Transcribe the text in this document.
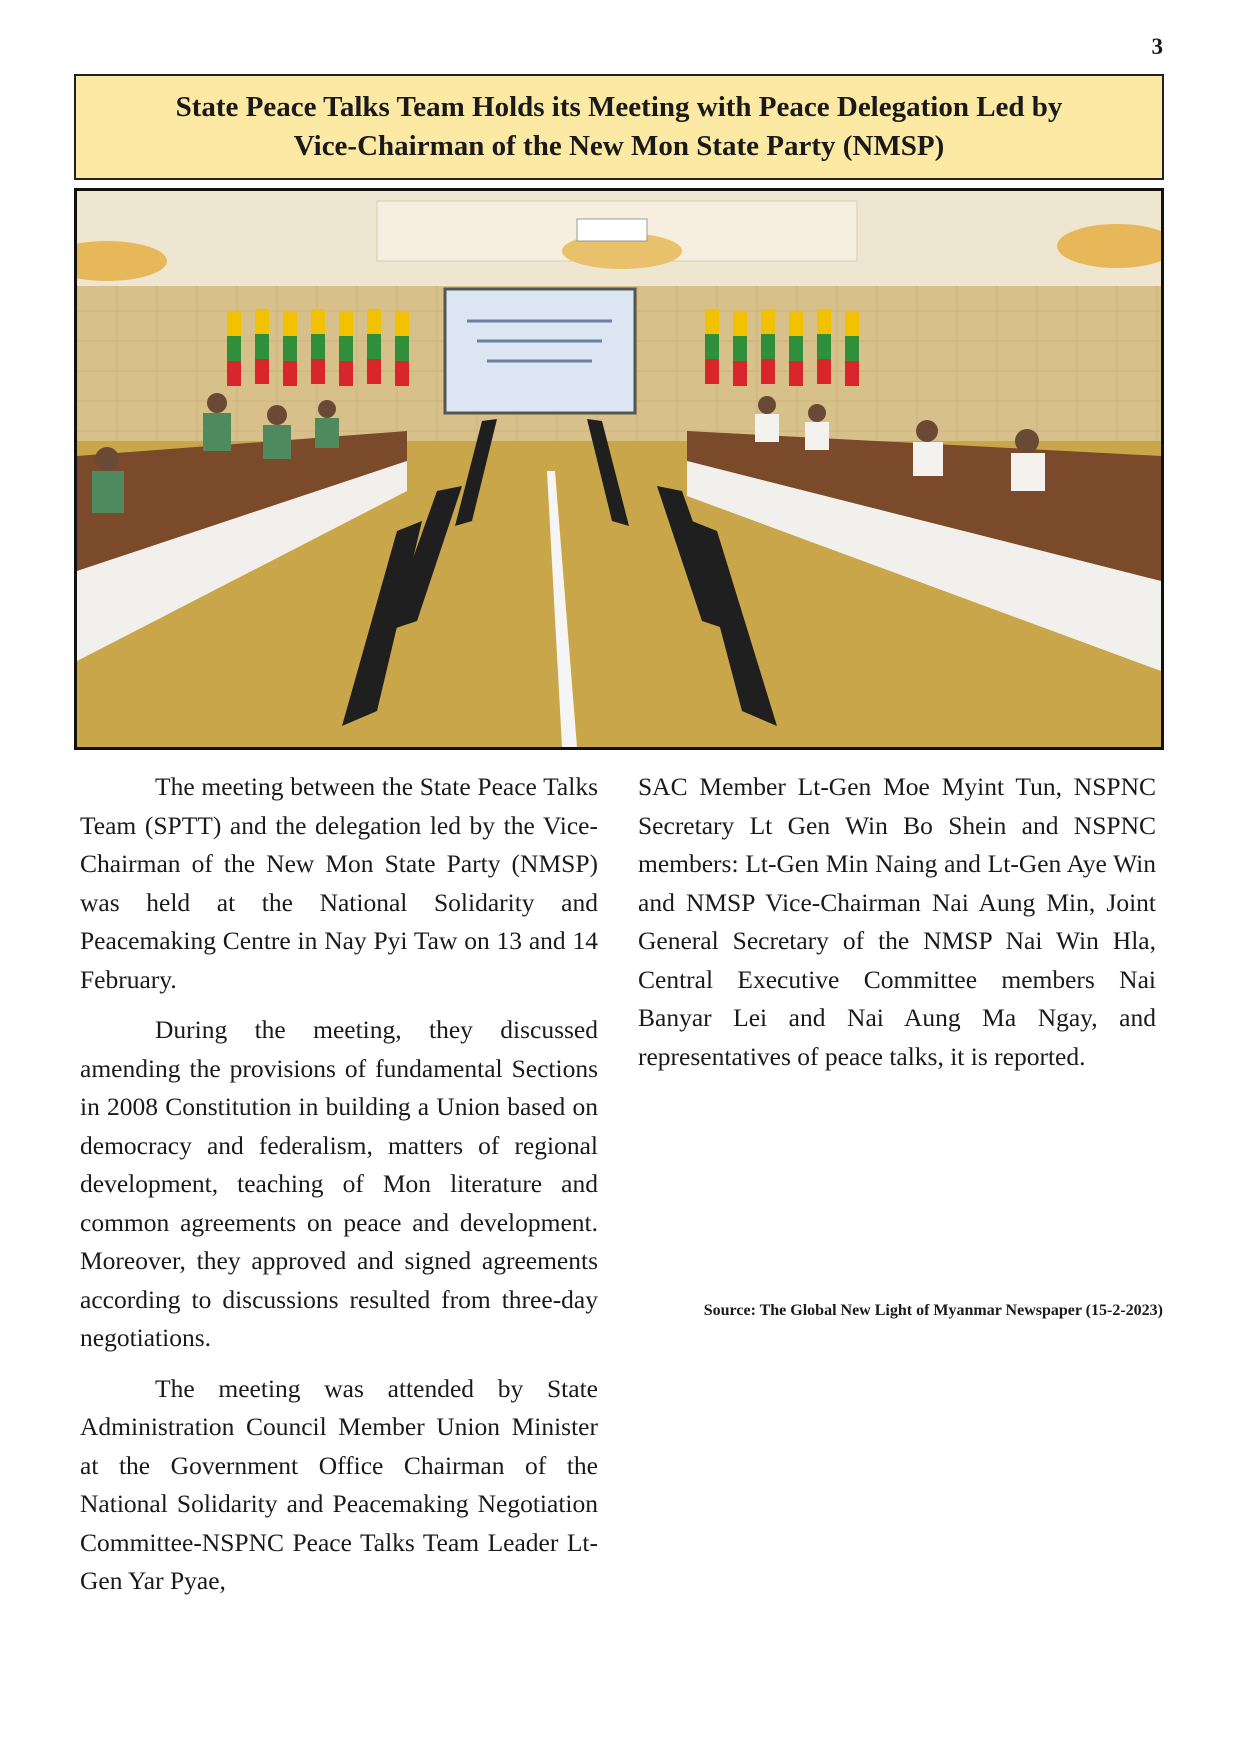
3
State Peace Talks Team Holds its Meeting with Peace Delegation Led by
Vice-Chairman of the New Mon State Party (NMSP)

The meeting between the State Peace Talks Team (SPTT) and the delegation led by the Vice-Chairman of the New Mon State Party (NMSP) was held at the National Solidarity and Peacemaking Centre in Nay Pyi Taw on 13 and 14 February.

During the meeting, they discussed amending the provisions of fundamental Sections in 2008 Constitution in building a Union based on democracy and federalism, matters of regional development, teaching of Mon literature and common agreements on peace and development. Moreover, they approved and signed agreements according to discussions resulted from three-day negotiations.

The meeting was attended by State Administration Council Member Union Minister at the Government Office Chairman of the National Solidarity and Peacemaking Negotiation Committee-NSPNC Peace Talks Team Leader Lt-Gen Yar Pyae,

SAC Member Lt-Gen Moe Myint Tun, NSPNC Secretary Lt Gen Win Bo Shein and NSPNC members: Lt-Gen Min Naing and Lt-Gen Aye Win and NMSP Vice-Chairman Nai Aung Min, Joint General Secretary of the NMSP Nai Win Hla, Central Executive Committee members Nai Banyar Lei and Nai Aung Ma Ngay, and representatives of peace talks, it is reported.

Source: The Global New Light of Myanmar Newspaper (15-2-2023)
